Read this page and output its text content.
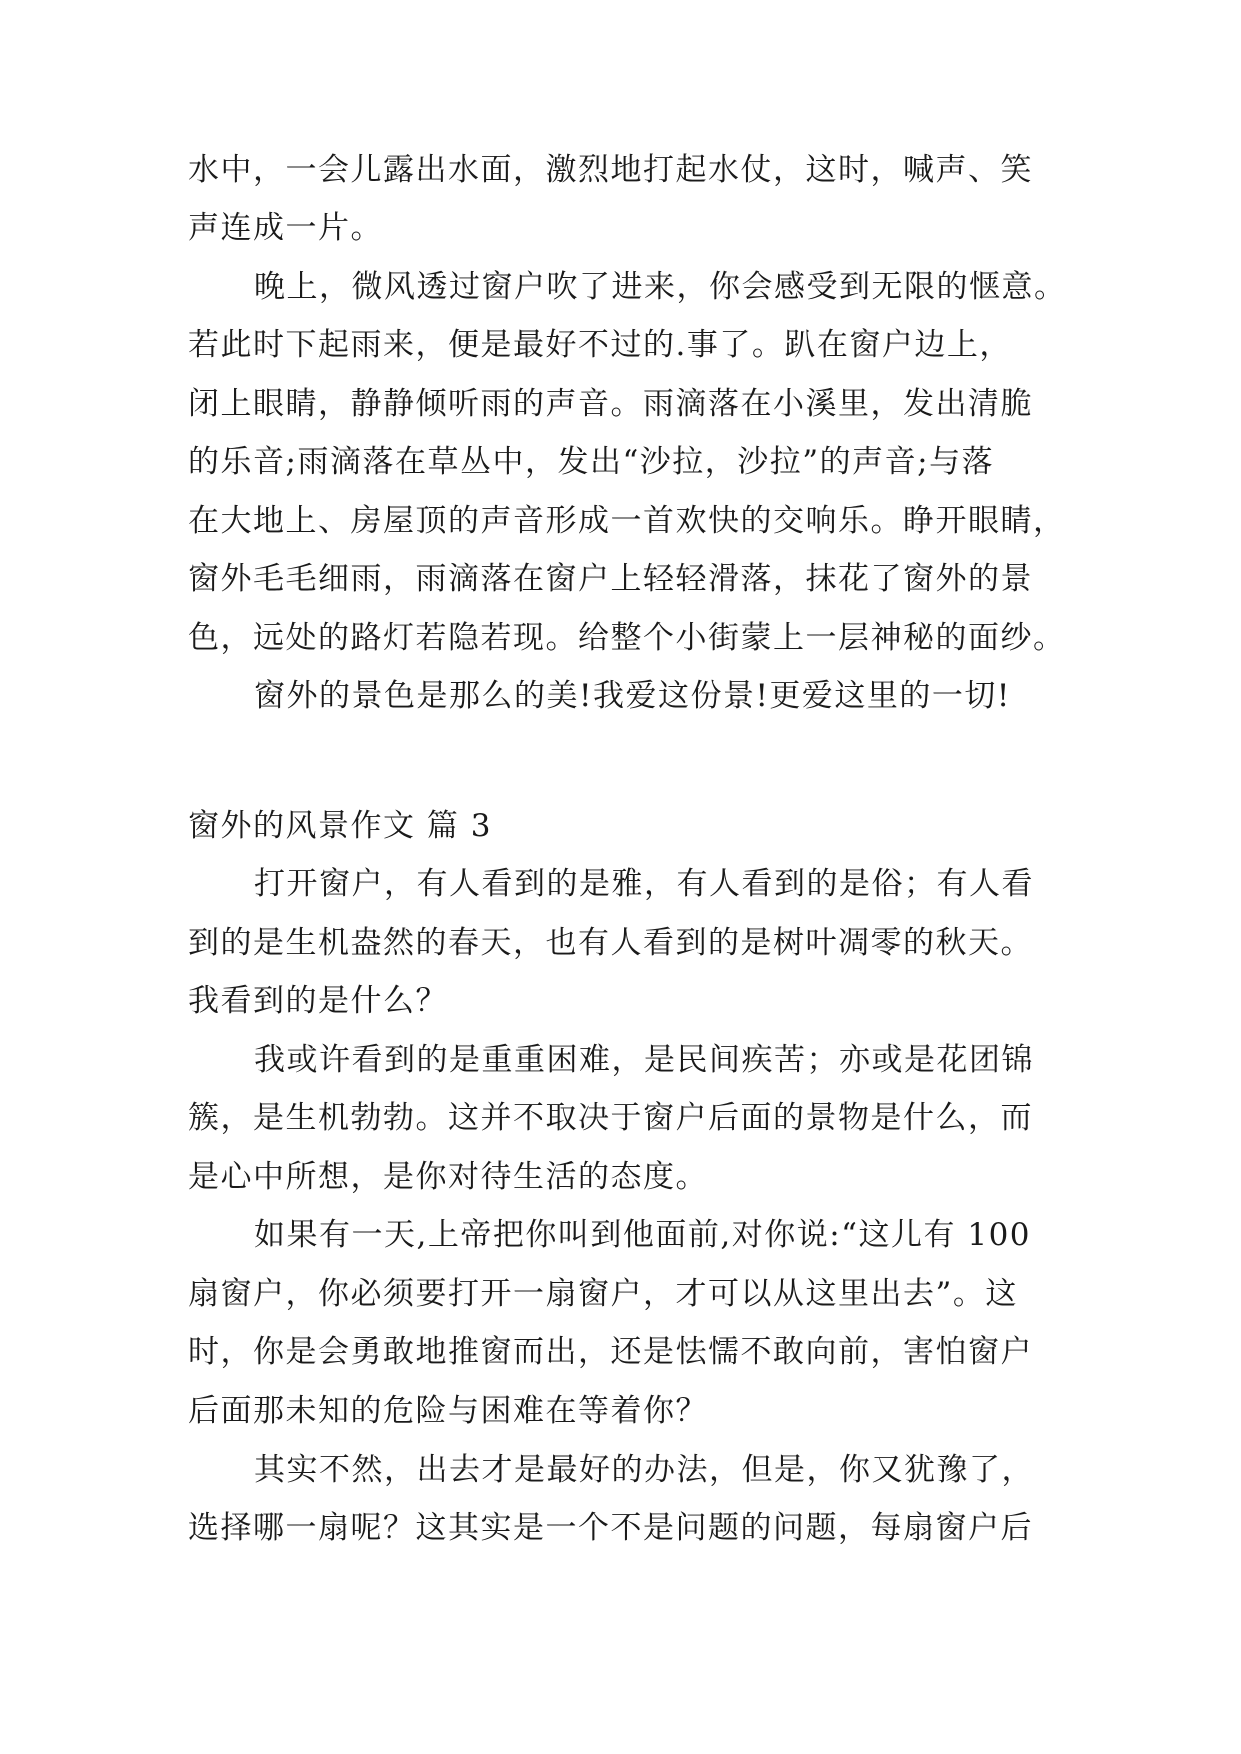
水中，一会儿露出水面，激烈地打起水仗，这时，喊声、笑
声连成一片。
晚上，微风透过窗户吹了进来，你会感受到无限的惬意。
若此时下起雨来，便是最好不过的.事了。趴在窗户边上，
闭上眼睛，静静倾听雨的声音。雨滴落在小溪里，发出清脆
的乐音;雨滴落在草丛中，发出“沙拉，沙拉”的声音;与落
在大地上、房屋顶的声音形成一首欢快的交响乐。睁开眼睛，
窗外毛毛细雨，雨滴落在窗户上轻轻滑落，抹花了窗外的景
色，远处的路灯若隐若现。给整个小街蒙上一层神秘的面纱。
窗外的景色是那么的美!我爱这份景!更爱这里的一切!
窗外的风景作文 篇 3
打开窗户，有人看到的是雅，有人看到的是俗；有人看
到的是生机盎然的春天，也有人看到的是树叶凋零的秋天。
我看到的是什么？
我或许看到的是重重困难，是民间疾苦；亦或是花团锦
簇，是生机勃勃。这并不取决于窗户后面的景物是什么，而
是心中所想，是你对待生活的态度。
如果有一天,上帝把你叫到他面前,对你说:“这儿有 100
扇窗户，你必须要打开一扇窗户，才可以从这里出去”。这
时，你是会勇敢地推窗而出，还是怯懦不敢向前，害怕窗户
后面那未知的危险与困难在等着你？
其实不然，出去才是最好的办法，但是，你又犹豫了，
选择哪一扇呢？这其实是一个不是问题的问题，每扇窗户后
